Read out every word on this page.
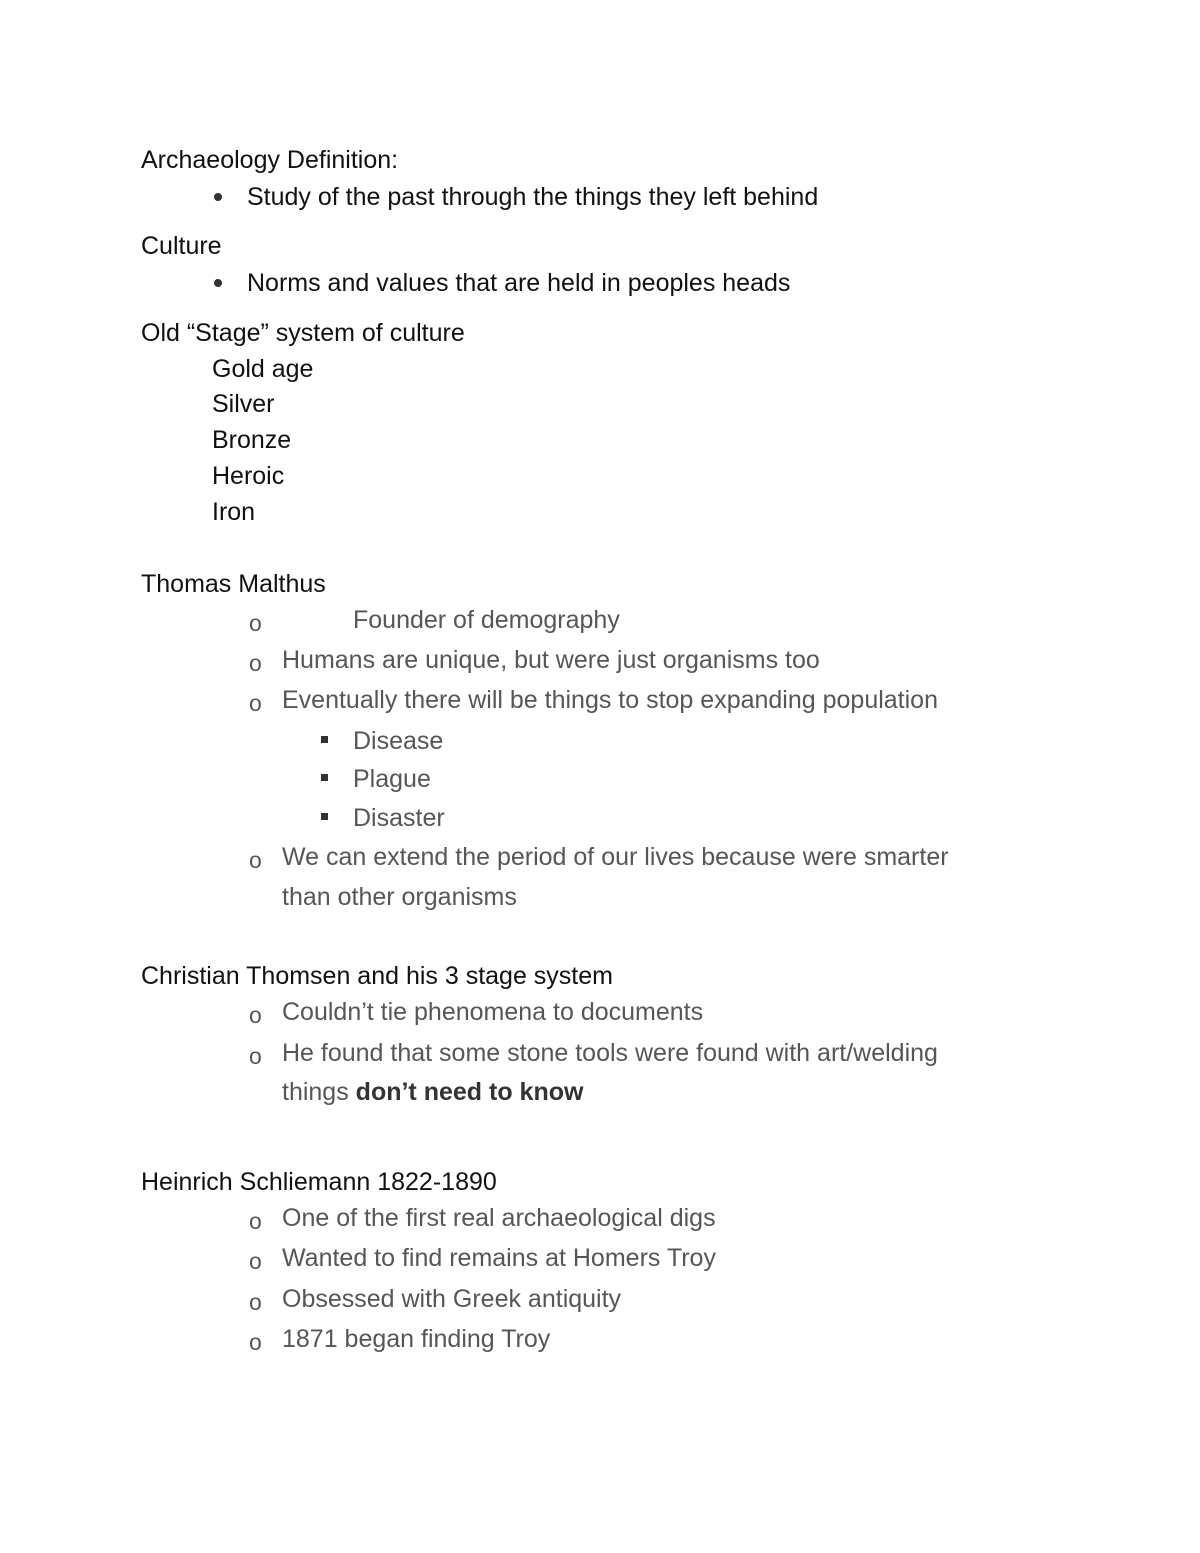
Archaeology Definition:
Study of the past through the things they left behind
Culture
Norms and values that are held in peoples heads
Old “Stage” system of culture
Gold age
Silver
Bronze
Heroic
Iron
Thomas Malthus
o	Founder of demography
o Humans are unique, but were just organisms too
o Eventually there will be things to stop expanding population
Disease
Plague
Disaster
o We can extend the period of our lives because were smarter
than other organisms
Christian Thomsen and his 3 stage system
o Couldn’t tie phenomena to documents
o He found that some stone tools were found with art/welding
things don’t need to know
Heinrich Schliemann 1822-1890
o One of the first real archaeological digs
o Wanted to find remains at Homers Troy
o Obsessed with Greek antiquity
o 1871 began finding Troy
